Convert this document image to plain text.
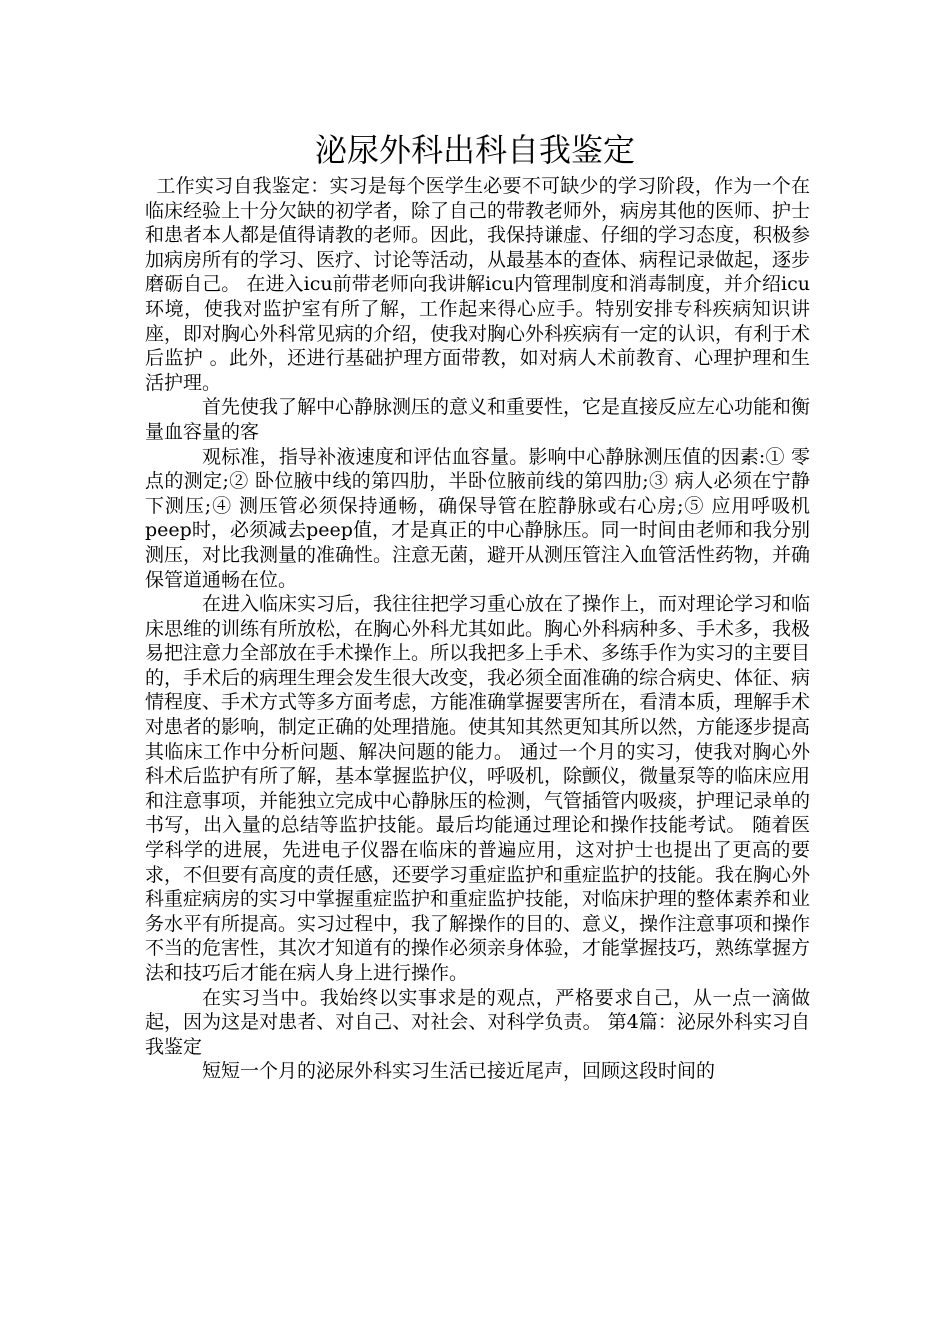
泌尿外科出科自我鉴定

工作实习自我鉴定：实习是每个医学生必要不可缺少的学习阶段，作为一个在临床经验上十分欠缺的初学者，除了自己的带教老师外，病房其他的医师、护士和患者本人都是值得请教的老师。因此，我保持谦虚、仔细的学习态度，积极参加病房所有的学习、医疗、讨论等活动，从最基本的查体、病程记录做起，逐步磨砺自己。 在进入icu前带老师向我讲解icu内管理制度和消毒制度，并介绍icu环境，使我对监护室有所了解，工作起来得心应手。特别安排专科疾病知识讲座，即对胸心外科常见病的介绍，使我对胸心外科疾病有一定的认识，有利于术后监护 。此外，还进行基础护理方面带教，如对病人术前教育、心理护理和生活护理。

首先使我了解中心静脉测压的意义和重要性，它是直接反应左心功能和衡量血容量的客

观标准，指导补液速度和评估血容量。影响中心静脉测压值的因素:① 零点的测定;② 卧位腋中线的第四肋，半卧位腋前线的第四肋;③ 病人必须在宁静下测压;④ 测压管必须保持通畅，确保导管在腔静脉或右心房;⑤ 应用呼吸机peep时，必须减去peep值，才是真正的中心静脉压。同一时间由老师和我分别测压，对比我测量的准确性。注意无菌，避开从测压管注入血管活性药物，并确保管道通畅在位。

在进入临床实习后，我往往把学习重心放在了操作上，而对理论学习和临床思维的训练有所放松，在胸心外科尤其如此。胸心外科病种多、手术多，我极易把注意力全部放在手术操作上。所以我把多上手术、多练手作为实习的主要目的，手术后的病理生理会发生很大改变，我必须全面准确的综合病史、体征、病情程度、手术方式等多方面考虑，方能准确掌握要害所在，看清本质，理解手术对患者的影响，制定正确的处理措施。使其知其然更知其所以然，方能逐步提高其临床工作中分析问题、解决问题的能力。 通过一个月的实习，使我对胸心外科术后监护有所了解，基本掌握监护仪，呼吸机，除颤仪，微量泵等的临床应用和注意事项，并能独立完成中心静脉压的检测，气管插管内吸痰，护理记录单的书写，出入量的总结等监护技能。最后均能通过理论和操作技能考试。 随着医学科学的进展，先进电子仪器在临床的普遍应用，这对护士也提出了更高的要求，不但要有高度的责任感，还要学习重症监护和重症监护的技能。我在胸心外科重症病房的实习中掌握重症监护和重症监护技能，对临床护理的整体素养和业务水平有所提高。实习过程中，我了解操作的目的、意义，操作注意事项和操作不当的危害性，其次才知道有的操作必须亲身体验，才能掌握技巧，熟练掌握方法和技巧后才能在病人身上进行操作。

在实习当中。我始终以实事求是的观点，严格要求自己，从一点一滴做起，因为这是对患者、对自己、对社会、对科学负责。 第4篇：泌尿外科实习自我鉴定

短短一个月的泌尿外科实习生活已接近尾声，回顾这段时间的
